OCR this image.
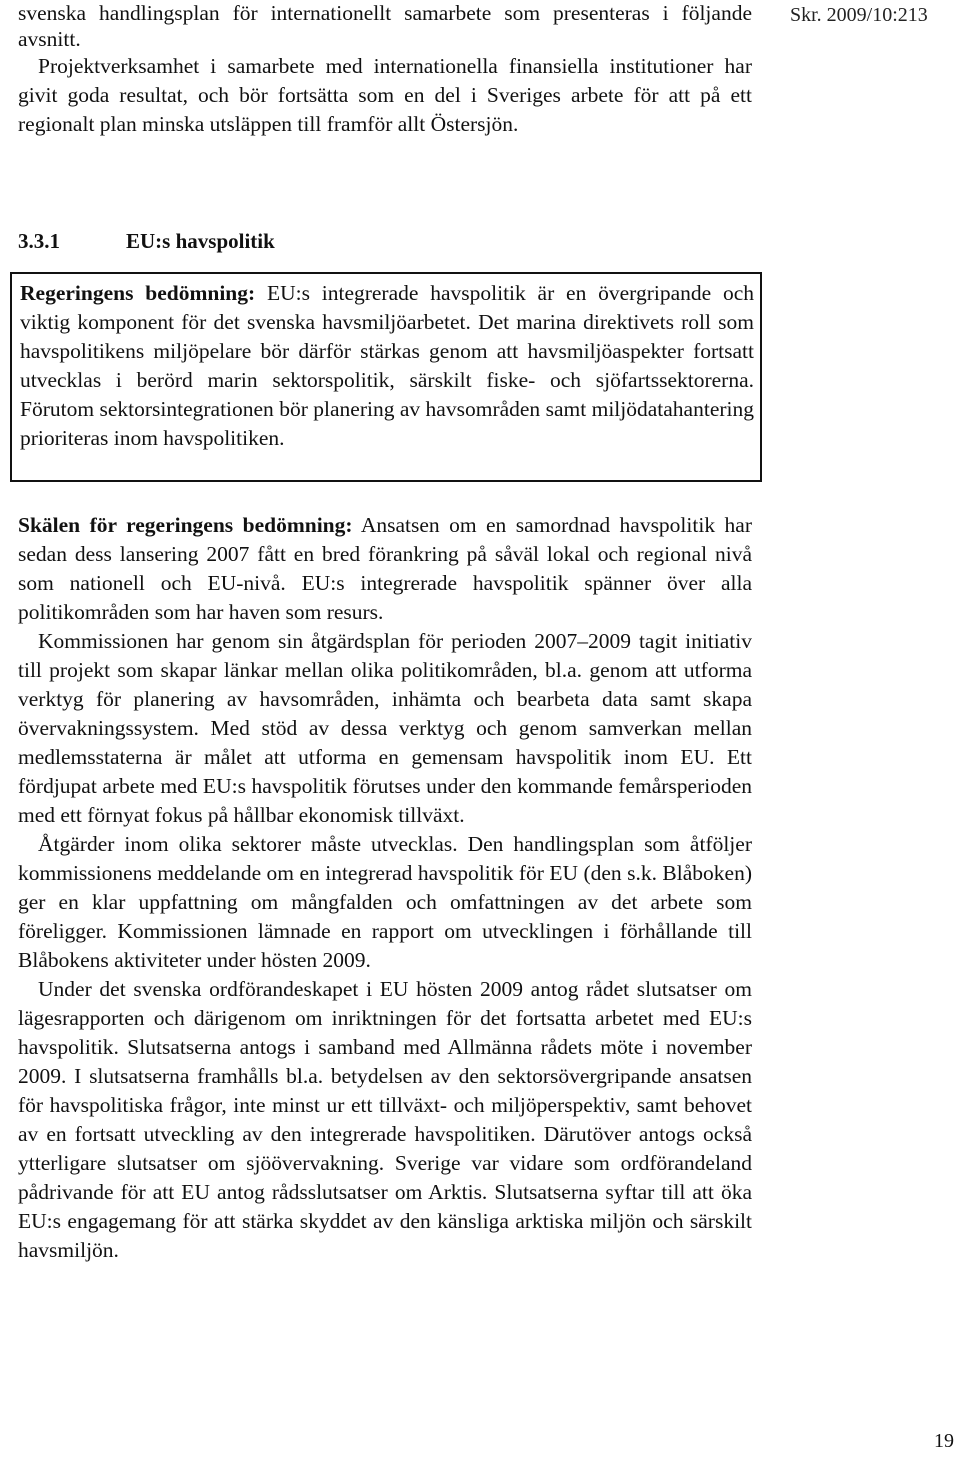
Skr. 2009/10:213

svenska handlingsplan för internationellt samarbete som presenteras i följande avsnitt.

Projektverksamhet i samarbete med internationella finansiella institutioner har givit goda resultat, och bör fortsätta som en del i Sveriges arbete för att på ett regionalt plan minska utsläppen till framför allt Östersjön.

3.3.1	EU:s havspolitik

Regeringens bedömning: EU:s integrerade havspolitik är en övergripande och viktig komponent för det svenska havsmiljöarbetet. Det marina direktivets roll som havspolitikens miljöpelare bör därför stärkas genom att havsmiljöaspekter fortsatt utvecklas i berörd marin sektorspolitik, särskilt fiske- och sjöfartssektorerna. Förutom sektorsintegrationen bör planering av havsområden samt miljödatahantering prioriteras inom havspolitiken.

Skälen för regeringens bedömning: Ansatsen om en samordnad havspolitik har sedan dess lansering 2007 fått en bred förankring på såväl lokal och regional nivå som nationell och EU-nivå. EU:s integrerade havspolitik spänner över alla politikområden som har haven som resurs.

Kommissionen har genom sin åtgärdsplan för perioden 2007–2009 tagit initiativ till projekt som skapar länkar mellan olika politikområden, bl.a. genom att utforma verktyg för planering av havsområden, inhämta och bearbeta data samt skapa övervakningssystem. Med stöd av dessa verktyg och genom samverkan mellan medlemsstaterna är målet att utforma en gemensam havspolitik inom EU. Ett fördjupat arbete med EU:s havspolitik förutses under den kommande femårsperioden med ett förnyat fokus på hållbar ekonomisk tillväxt.

Åtgärder inom olika sektorer måste utvecklas. Den handlingsplan som åtföljer kommissionens meddelande om en integrerad havspolitik för EU (den s.k. Blåboken) ger en klar uppfattning om mångfalden och omfattningen av det arbete som föreligger. Kommissionen lämnade en rapport om utvecklingen i förhållande till Blåbokens aktiviteter under hösten 2009.

Under det svenska ordförandeskapet i EU hösten 2009 antog rådet slutsatser om lägesrapporten och därigenom om inriktningen för det fortsatta arbetet med EU:s havspolitik. Slutsatserna antogs i samband med Allmänna rådets möte i november 2009. I slutsatserna framhålls bl.a. betydelsen av den sektorsövergripande ansatsen för havspolitiska frågor, inte minst ur ett tillväxt- och miljöperspektiv, samt behovet av en fortsatt utveckling av den integrerade havspolitiken. Därutöver antogs också ytterligare slutsatser om sjöövervakning. Sverige var vidare som ordförandeland pådrivande för att EU antog rådsslutsatser om Arktis. Slutsatserna syftar till att öka EU:s engagemang för att stärka skyddet av den känsliga arktiska miljön och särskilt havsmiljön.

19
